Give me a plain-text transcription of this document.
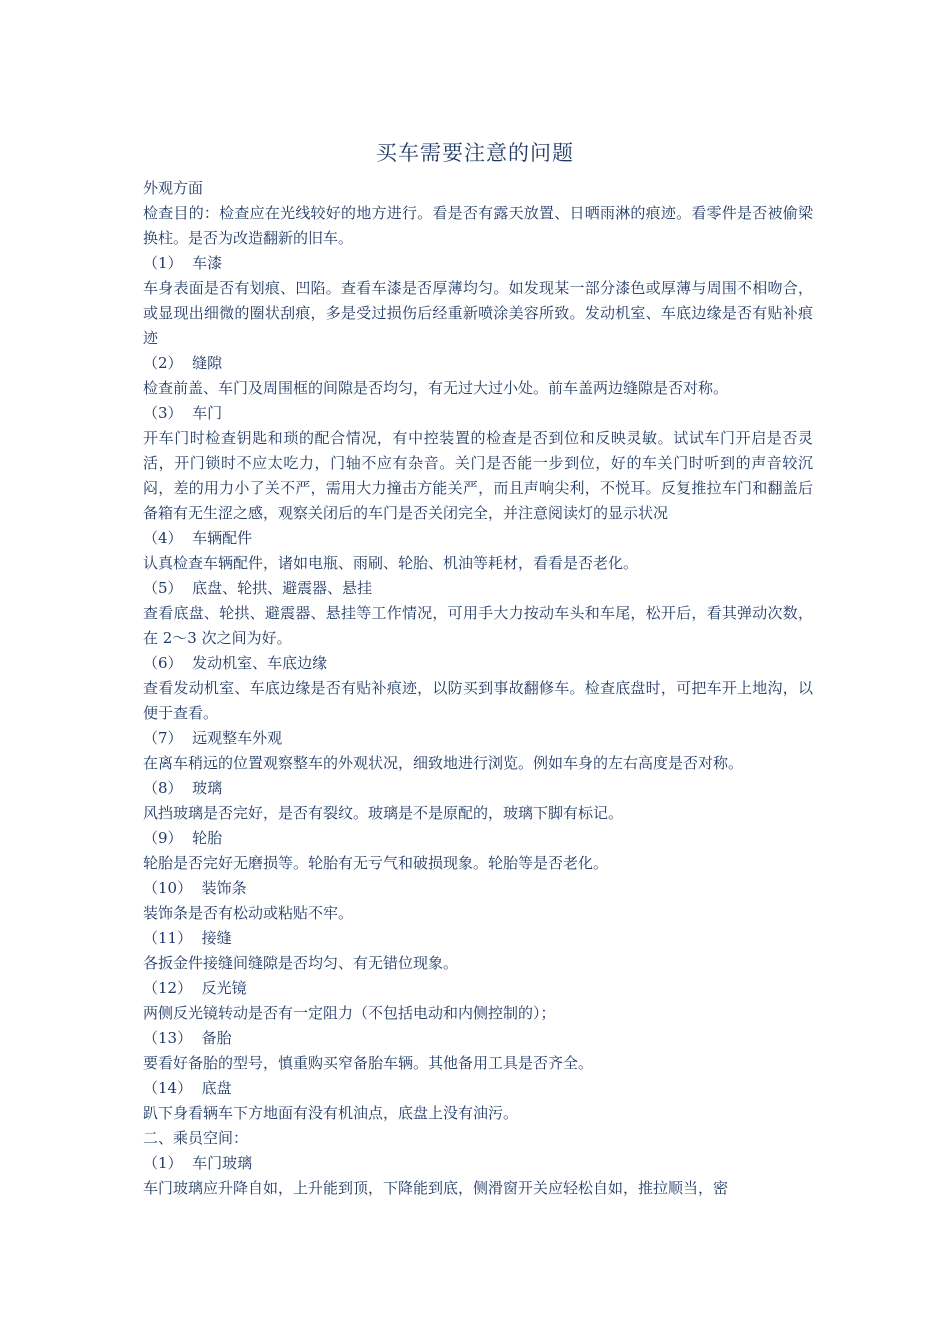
买车需要注意的问题

外观方面

检查目的：检查应在光线较好的地方进行。看是否有露天放置、日晒雨淋的痕迹。看零件是否被偷梁换柱。是否为改造翻新的旧车。

（1）  车漆

车身表面是否有划痕、凹陷。查看车漆是否厚薄均匀。如发现某一部分漆色或厚薄与周围不相吻合，或显现出细微的圈状刮痕，多是受过损伤后经重新喷涂美容所致。发动机室、车底边缘是否有贴补痕迹

（2）  缝隙

检查前盖、车门及周围框的间隙是否均匀，有无过大过小处。前车盖两边缝隙是否对称。

（3）  车门

开车门时检查钥匙和琐的配合情况，有中控装置的检查是否到位和反映灵敏。试试车门开启是否灵活，开门锁时不应太吃力，门轴不应有杂音。关门是否能一步到位，好的车关门时听到的声音较沉闷，差的用力小了关不严，需用大力撞击方能关严，而且声响尖利，不悦耳。反复推拉车门和翻盖后备箱有无生涩之感，观察关闭后的车门是否关闭完全，并注意阅读灯的显示状况

（4）  车辆配件

认真检查车辆配件，诸如电瓶、雨刷、轮胎、机油等耗材，看看是否老化。

（5）  底盘、轮拱、避震器、悬挂

查看底盘、轮拱、避震器、悬挂等工作情况，可用手大力按动车头和车尾，松开后，看其弹动次数，在 2～3 次之间为好。

（6）  发动机室、车底边缘

查看发动机室、车底边缘是否有贴补痕迹，以防买到事故翻修车。检查底盘时，可把车开上地沟，以便于查看。

（7）  远观整车外观

在离车稍远的位置观察整车的外观状况，细致地进行浏览。例如车身的左右高度是否对称。

（8）  玻璃

风挡玻璃是否完好，是否有裂纹。玻璃是不是原配的，玻璃下脚有标记。

（9）  轮胎

轮胎是否完好无磨损等。轮胎有无亏气和破损现象。轮胎等是否老化。

（10）  装饰条

装饰条是否有松动或粘贴不牢。

（11）  接缝

各扳金件接缝间缝隙是否均匀、有无错位现象。

（12）  反光镜

两侧反光镜转动是否有一定阻力（不包括电动和内侧控制的）；

（13）  备胎

要看好备胎的型号，慎重购买窄备胎车辆。其他备用工具是否齐全。

（14）  底盘

趴下身看辆车下方地面有没有机油点，底盘上没有油污。

二、乘员空间：

（1）  车门玻璃

车门玻璃应升降自如，上升能到顶，下降能到底，侧滑窗开关应轻松自如，推拉顺当，密
